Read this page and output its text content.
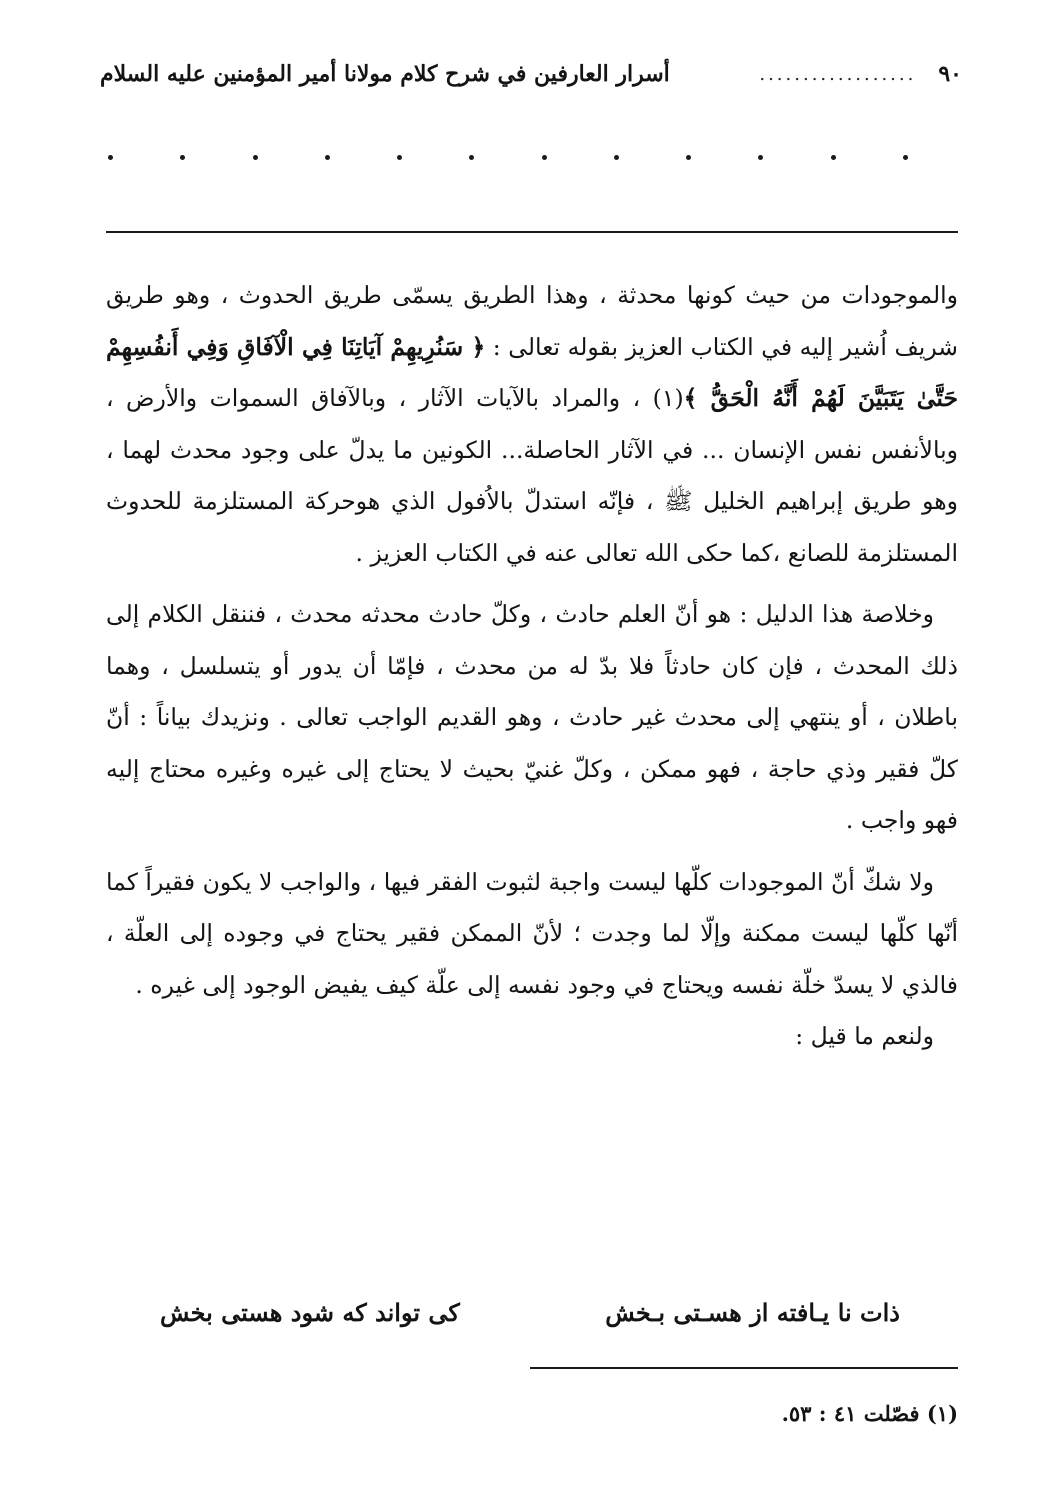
٩٠
..................
أسرار العارفين في شرح كلام مولانا أمير المؤمنين عليه السلام

والموجودات من حيث كونها محدثة ، وهذا الطريق يسمّى طريق الحدوث ، وهو طريق شريف اُشير إليه في الكتاب العزيز بقوله تعالى : ﴿ سَنُرِيهِمْ آيَاتِنَا فِي الْآفَاقِ وَفِي أَنفُسِهِمْ حَتَّىٰ يَتَبَيَّنَ لَهُمْ أَنَّهُ الْحَقُّ ﴾(١) ، والمراد بالآيات الآثار ، وبالآفاق السموات والأرض ، وبالأنفس نفس الإنسان ... في الآثار الحاصلة... الكونين ما يدلّ على وجود محدث لهما ، وهو طريق إبراهيم الخليل ﷺ ، فإنّه استدلّ بالاُفول الذي هوحركة المستلزمة للحدوث المستلزمة للصانع ،كما حكى الله تعالى عنه في الكتاب العزيز .

وخلاصة هذا الدليل : هو أنّ العلم حادث ، وكلّ حادث محدثه محدث ، فننقل الكلام إلى ذلك المحدث ، فإن كان حادثاً فلا بدّ له من محدث ، فإمّا أن يدور أو يتسلسل ، وهما باطلان ، أو ينتهي إلى محدث غير حادث ، وهو القديم الواجب تعالى . ونزيدك بياناً : أنّ كلّ فقير وذي حاجة ، فهو ممكن ، وكلّ غنيّ بحيث لا يحتاج إلى غيره وغيره محتاج إليه فهو واجب .

ولا شكّ أنّ الموجودات كلّها ليست واجبة لثبوت الفقر فيها ، والواجب لا يكون فقيراً كما أنّها كلّها ليست ممكنة وإلّا لما وجدت ؛ لأنّ الممكن فقير يحتاج في وجوده إلى العلّة ، فالذي لا يسدّ خلّة نفسه ويحتاج في وجود نفسه إلى علّة كيف يفيض الوجود إلى غيره .

ولنعم ما قيل :

ذات نا يـافته از هسـتى بـخش
كى تواند كه شود هستى بخش
(١) فصّلت ٤١ : ٥٣.
